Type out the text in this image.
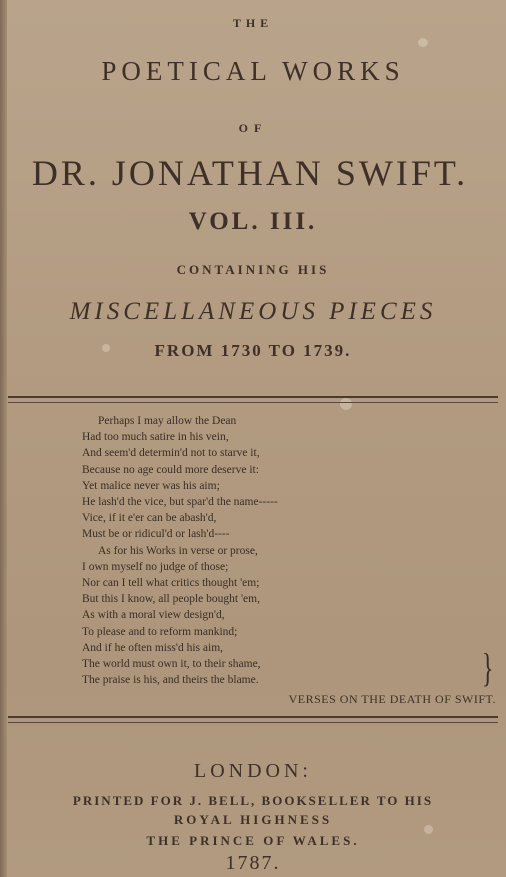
THE
POETICAL WORKS
OF
DR. JONATHAN SWIFT.
VOL. III.
CONTAINING HIS
MISCELLANEOUS PIECES
FROM 1730 TO 1739.
Perhaps I may allow the Dean
Had too much satire in his vein,
And seem'd determin'd not to starve it,
Because no age could more deserve it:
Yet malice never was his aim;
He lash'd the vice, but spar'd the name-----
Vice, if it e'er can be abash'd,
Must be or ridicul'd or lash'd----
As for his Works in verse or prose,
I own myself no judge of those;
Nor can I tell what critics thought 'em;
But this I know, all people bought 'em,
As with a moral view design'd,
To please and to reform mankind;
And if he often miss'd his aim,
The world must own it, to their shame,
The praise is his, and theirs the blame.	}
VERSES ON THE DEATH OF SWIFT.
LONDON:
PRINTED FOR J. BELL, BOOKSELLER TO HIS
ROYAL HIGHNESS
THE PRINCE OF WALES.
1787.
